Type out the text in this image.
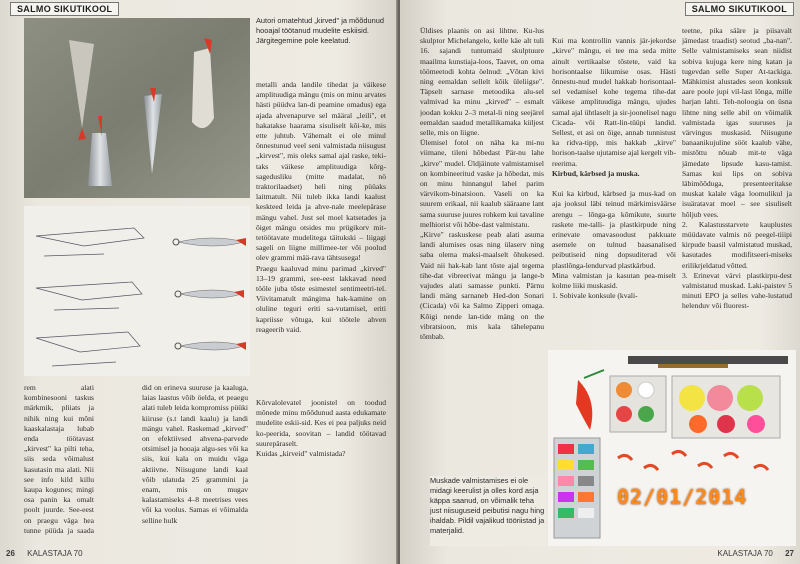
SALMO SIKUTIKOOL
Autori omatehtud „kirved" ja mõõdunud hooajal töötanud mudelite eskiisid. Järgitegemine pole keelatud.
metalli anda landile tihedat ja väikese amplituudiga mängu (mis on minu arvates hästi püüdva lan-di peamine omadus) ega ajada ahvenapurve sel määral „leili", et hakatakse haarama sisuliselt kõi-ke, mis ette juhtub. Vähemalt ei ole minul õnnestunud veel seni valmistada niisugust „kirvest", mis oleks samal ajal raske, teki-taks väikese amplituudiga kõrg-sagedusliku (mitte madalat, nö traktorilaadset) heli ning püüaks laitmatult. Nii tuleb ikka landi kaalust keskteed leida ja ahve-nale meelepärase mängu vahel. Just sel moel katsetades ja õiget mängu otsides mu prügikorv mit-tetöötavate mudelitega täitukski – liigagi sageli on liigne millimee-ter või poolud olev grammi mää-rava tähtsusega!
Praegu kaaluvad minu parimad „kirved" 13–19 grammi, see-eest lakkavad need tööle juba tõste esimestel sentimeetri-tel. Viivitamatult mängima hak-kamine on oluline teguri eriti sa-vutamisel, eriti kapriisse võtuga, kui töötele ahven reageerib vaid.
rem alati kombinesooni taskus märkmik, pliiats ja nihik ning kui mõni kaaskalastaja lubab enda töötavast „kirvest" ka pilti teha, siis seda võimalust kasutasin ma alati. Nii see info kild killu kaupa kogunes; mingi osa panin ka omalt poolt juurde. See-eest on praegu väga hea tunne püüda ja saada

did on erineva suuruse ja kaaluga, laias laastus võib öelda, et peaegu alati tuleb leida kompromiss püüki kiiruse (s.t landi kaalu) ja landi mängu vahel. Raskemad „kirved" on efektiivsed ahvena-parvede otsimisel ja hooaja algu-ses või ka siis, kui kala on muidu väga aktiivne. Niisugune landi kaal võib ulatuda 25 grammini ja enam, mis on mugav kalastamiseks 4–8 meetrises vees või ka voolus. Samas ei võimalda selline hulk
Kõrvalolevatel joonistel on toodud mõnede minu mõõdunud aasta edukamate mudelite eskii-sid. Kes ei pea paljuks neid ko-peerida, soovitan – landid töötavad suurepäraselt.
Kuidas „kirveid" valmistada?
26 KALASTAJA 70
SALMO SIKUTIKOOL
Üldises plaanis on asi lihtne. Ku-lus skulptor Michelangelo, kelle käe alt tuli 16. sajandi tuntumaid skulptuure maailma kunstiaja-loos, Taavet, on oma töömeetodi kohta öelnud: „Võtan kivi ning eemaldan sellelt kõik üleliigse". Täpselt sarnase metoodika alu-sel valmivad ka minu „kirved" – esmalt joodan kokku 2–3 metal-li ning seejärel eemaldan saadud metallikamaka küljest selle, mis on liigne.
Ülemisel fotol on näha ka mi-nu viimane, tileni hõbedast Pär-nu lahe „kirve" mudel. Üldjäinute valmistamisel on kombineeritud vaske ja hõbedat, mis on minu hinnangul lahel parim värvikom-binatsioon. Vaseli on ka suurem erikaal, nii kaalub sääraane lant sama suuruse juures rohkem kui tavaline melhiorist või hõbe-dast valmistatu.
„Kirve" raskuskese peab alati asuma landi alumises osas ning ülaserv ning saba olema maksi-maalselt õhukesed. Vaid nii hak-kab lant tõste ajal tegema tihe-dat vibreerivat mängu ja lange-b vajudes alati samasse punkti. Pärnu landi mäng sarnaneb Hed-don Sonari (Cicada) või ka Salmo Zipperi omaga. Kõigi nende lan-tide mäng on the vibratsioon, mis kala tähelepanu tõmbab.

Kui ma kontrollin vannis jär-jekordse „kirve" mängu, ei tee ma seda mitte ainult vertikaalse tõstete, vaid ka horisontaalse liikumise osas. Hästi õnnestu-nud mudel hakkab horisontaal-sel vedamisel kohe tegema tihe-dat väikese amplituudiga mängu, ujudes samal ajal ühtlaselt ja sir-joonelisel nagu Cicada- või Ratt-lin-tüüpi landid. Sellest, et asi on õige, annab tunnistust ka ridva-tipp, mis hakkab „kirve" horison-taalse ujutamise ajal kergelt vib-reerima.

Kirbud, kärbsed ja muska.

Kui ka kirbud, kärbsed ja mus-kad on aja jooksul läbi teinud märkimisväärse arengu – lõnga-ga kõmikute, suurte raskete me-talli- ja plastkirpude ning erinevate omavasoodust pakkuate asemele on tulnud baasanalised peibutiseid ning dopsuditerad või plastlõnga-lendurvad plastkärbud.
Mina valmistan ja kasutan pea-miselt kolme liiki muskasid.
1. Sobivale konksule (kvali-

teetne, pika sääre ja piisavalt jämedast traadist) seotud „ba-nan". Selle valmistamiseks sean niidist sobiva kujuga kere ning katan ja tugevdan selle Super At-tackiga. Mähkimist alustades seon konksuk aare poole jupi vil-last lõnga, mille harjan lahti. Teh-noloogia on üsna lihtne ning selle abil on võimalik valmistada igas suuruses ja värvingus muskasid. Niisugune banaanikujuline sööt kaalub vähe, mistõttu nõuab mit-te väga jämedate lipsude kasu-tamist. Samas kui lips on sobiva läbimõõduga, presenteeritakse muskat kalale väga loomulikul ja isuäratavat moel – see sisuliselt hõljub vees.
2. Kalastusstarvete kauplustes müüdavate valmis nö peegel-tiiipi kirpude baasil valmistatud muskad, kasutades modifitseeri-miseks erilikrjeldatud võtted.
3. Erinevat värvi plastkirpu-dest valmistatud muskad. Laki-paistev 5 minuti EPO ja selles vahe-lustatud helenduv või fluorest-
Muskade valmistamises ei ole midagi keerulist ja olles kord asja käppa saanud, on võimalik teha just niisuguseid peibutisi nagu hing ihaldab. Pildil vajalikud tööriistad ja materjalid.
KALASTAJA 70 27
02/01/2014
